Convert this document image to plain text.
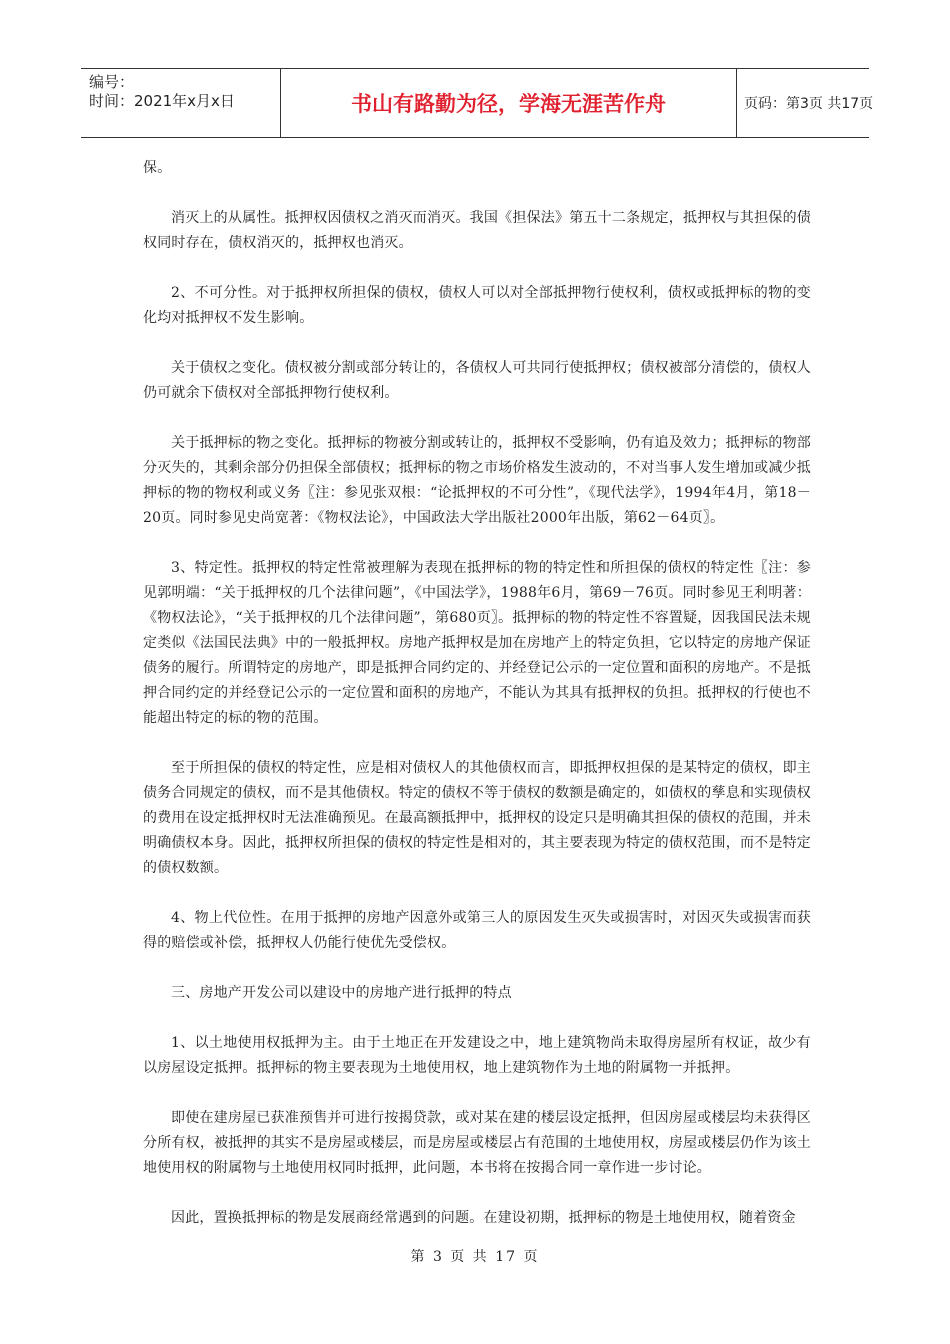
编号：
时间：2021年x月x日	书山有路勤为径，学海无涯苦作舟	页码：第3页 共17页

保。

消灭上的从属性。抵押权因债权之消灭而消灭。我国《担保法》第五十二条规定，抵押权与其担保的债权同时存在，债权消灭的，抵押权也消灭。

2、不可分性。对于抵押权所担保的债权，债权人可以对全部抵押物行使权利，债权或抵押标的物的变化均对抵押权不发生影响。

关于债权之变化。债权被分割或部分转让的，各债权人可共同行使抵押权；债权被部分清偿的，债权人仍可就余下债权对全部抵押物行使权利。

关于抵押标的物之变化。抵押标的物被分割或转让的，抵押权不受影响，仍有追及效力；抵押标的物部分灭失的，其剩余部分仍担保全部债权；抵押标的物之市场价格发生波动的，不对当事人发生增加或减少抵押标的物的物权利或义务〖注：参见张双根：“论抵押权的不可分性”，《现代法学》，1994年4月，第18－20页。同时参见史尚宽著：《物权法论》，中国政法大学出版社2000年出版，第62－64页〗。

3、特定性。抵押权的特定性常被理解为表现在抵押标的物的特定性和所担保的债权的特定性〖注：参见郭明端：“关于抵押权的几个法律问题”，《中国法学》，1988年6月，第69－76页。同时参见王利明著：《物权法论》，“关于抵押权的几个法律问题”，第680页〗。抵押标的物的特定性不容置疑，因我国民法未规定类似《法国民法典》中的一般抵押权。房地产抵押权是加在房地产上的特定负担，它以特定的房地产保证债务的履行。所谓特定的房地产，即是抵押合同约定的、并经登记公示的一定位置和面积的房地产。不是抵押合同约定的并经登记公示的一定位置和面积的房地产，不能认为其具有抵押权的负担。抵押权的行使也不能超出特定的标的物的范围。

至于所担保的债权的特定性，应是相对债权人的其他债权而言，即抵押权担保的是某特定的债权，即主债务合同规定的债权，而不是其他债权。特定的债权不等于债权的数额是确定的，如债权的孳息和实现债权的费用在设定抵押权时无法准确预见。在最高额抵押中，抵押权的设定只是明确其担保的债权的范围，并未明确债权本身。因此，抵押权所担保的债权的特定性是相对的，其主要表现为特定的债权范围，而不是特定的债权数额。

4、物上代位性。在用于抵押的房地产因意外或第三人的原因发生灭失或损害时，对因灭失或损害而获得的赔偿或补偿，抵押权人仍能行使优先受偿权。

三、房地产开发公司以建设中的房地产进行抵押的特点

1、以土地使用权抵押为主。由于土地正在开发建设之中，地上建筑物尚未取得房屋所有权证，故少有以房屋设定抵押。抵押标的物主要表现为土地使用权，地上建筑物作为土地的附属物一并抵押。

即使在建房屋已获准预售并可进行按揭贷款，或对某在建的楼层设定抵押，但因房屋或楼层均未获得区分所有权，被抵押的其实不是房屋或楼层，而是房屋或楼层占有范围的土地使用权，房屋或楼层仍作为该土地使用权的附属物与土地使用权同时抵押，此问题，本书将在按揭合同一章作进一步讨论。

因此，置换抵押标的物是发展商经常遇到的问题。在建设初期，抵押标的物是土地使用权，随着资金

第 3 页 共 17 页
